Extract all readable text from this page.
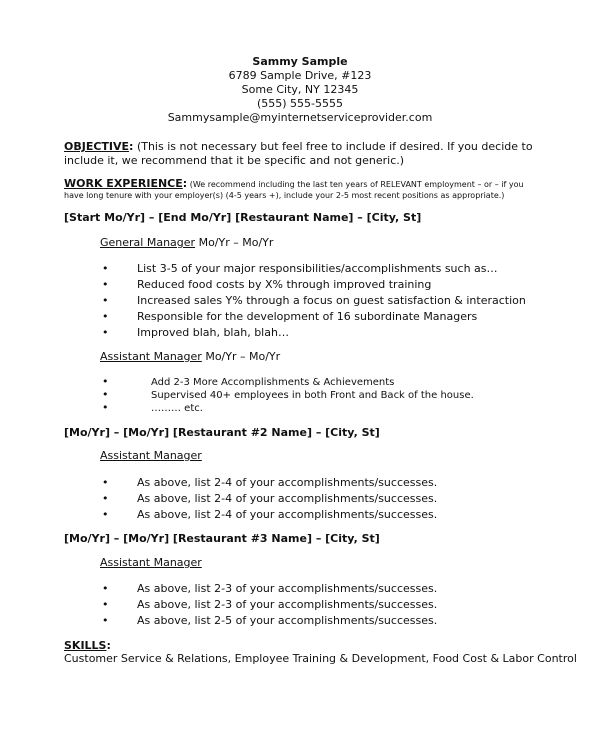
Sammy Sample
6789 Sample Drive, #123
Some City, NY 12345
(555) 555-5555
Sammysample@myinternetserviceprovider.com
OBJECTIVE: (This is not necessary but feel free to include if desired. If you decide to include it, we recommend that it be specific and not generic.)
WORK EXPERIENCE: (We recommend including the last ten years of RELEVANT employment – or – if you
have long tenure with your employer(s) (4-5 years +), include your 2-5 most recent positions as appropriate.)
[Start Mo/Yr] – [End Mo/Yr] [Restaurant Name] – [City, St]
General Manager Mo/Yr – Mo/Yr
•	List 3-5 of your major responsibilities/accomplishments such as…
•	Reduced food costs by X% through improved training
•	Increased sales Y% through a focus on guest satisfaction & interaction
•	Responsible for the development of 16 subordinate Managers
•	Improved blah, blah, blah…
Assistant Manager Mo/Yr – Mo/Yr
•	Add 2-3 More Accomplishments & Achievements
•	Supervised 40+ employees in both Front and Back of the house.
•	……… etc.
[Mo/Yr] – [Mo/Yr] [Restaurant #2 Name] – [City, St]
Assistant Manager
•	As above, list 2-4 of your accomplishments/successes.
•	As above, list 2-4 of your accomplishments/successes.
•	As above, list 2-4 of your accomplishments/successes.
[Mo/Yr] – [Mo/Yr] [Restaurant #3 Name] – [City, St]
Assistant Manager
•	As above, list 2-3 of your accomplishments/successes.
•	As above, list 2-3 of your accomplishments/successes.
•	As above, list 2-5 of your accomplishments/successes.
SKILLS:
Customer Service & Relations, Employee Training & Development, Food Cost & Labor Control
